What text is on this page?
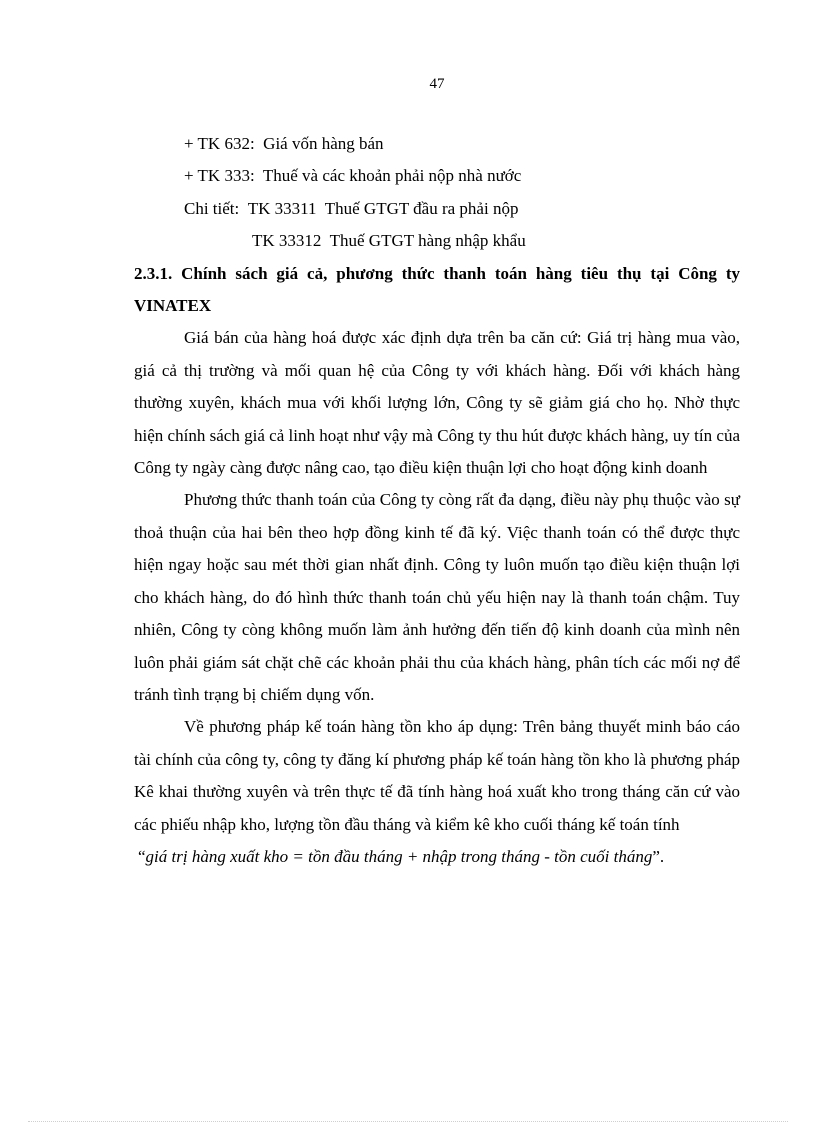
47
+ TK 632: Giá vốn hàng bán
+ TK 333: Thuế và các khoản phải nộp nhà nước
Chi tiết: TK 33311 Thuế GTGT đầu ra phải nộp
TK 33312 Thuế GTGT hàng nhập khẩu
2.3.1. Chính sách giá cả, phương thức thanh toán hàng tiêu thụ tại Công ty VINATEX

Giá bán của hàng hoá được xác định dựa trên ba căn cứ: Giá trị hàng mua vào, giá cả thị trường và mối quan hệ của Công ty với khách hàng. Đối với khách hàng thường xuyên, khách mua với khối lượng lớn, Công ty sẽ giảm giá cho họ. Nhờ thực hiện chính sách giá cả linh hoạt như vậy mà Công ty thu hút được khách hàng, uy tín của Công ty ngày càng được nâng cao, tạo điều kiện thuận lợi cho hoạt động kinh doanh

Phương thức thanh toán của Công ty còng rất đa dạng, điều này phụ thuộc vào sự thoả thuận của hai bên theo hợp đồng kinh tế đã ký. Việc thanh toán có thể được thực hiện ngay hoặc sau mét thời gian nhất định. Công ty luôn muốn tạo điều kiện thuận lợi cho khách hàng, do đó hình thức thanh toán chủ yếu hiện nay là thanh toán chậm. Tuy nhiên, Công ty còng không muốn làm ảnh hưởng đến tiến độ kinh doanh của mình nên luôn phải giám sát chặt chẽ các khoản phải thu của khách hàng, phân tích các mối nợ để tránh tình trạng bị chiếm dụng vốn.

Về phương pháp kế toán hàng tồn kho áp dụng: Trên bảng thuyết minh báo cáo tài chính của công ty, công ty đăng kí phương pháp kế toán hàng tồn kho là phương pháp Kê khai thường xuyên và trên thực tế đã tính hàng hoá xuất kho trong tháng căn cứ vào các phiếu nhập kho, lượng tồn đầu tháng và kiểm kê kho cuối tháng kế toán tính

“giá trị hàng xuất kho = tồn đầu tháng + nhập trong tháng - tồn cuối tháng”.
